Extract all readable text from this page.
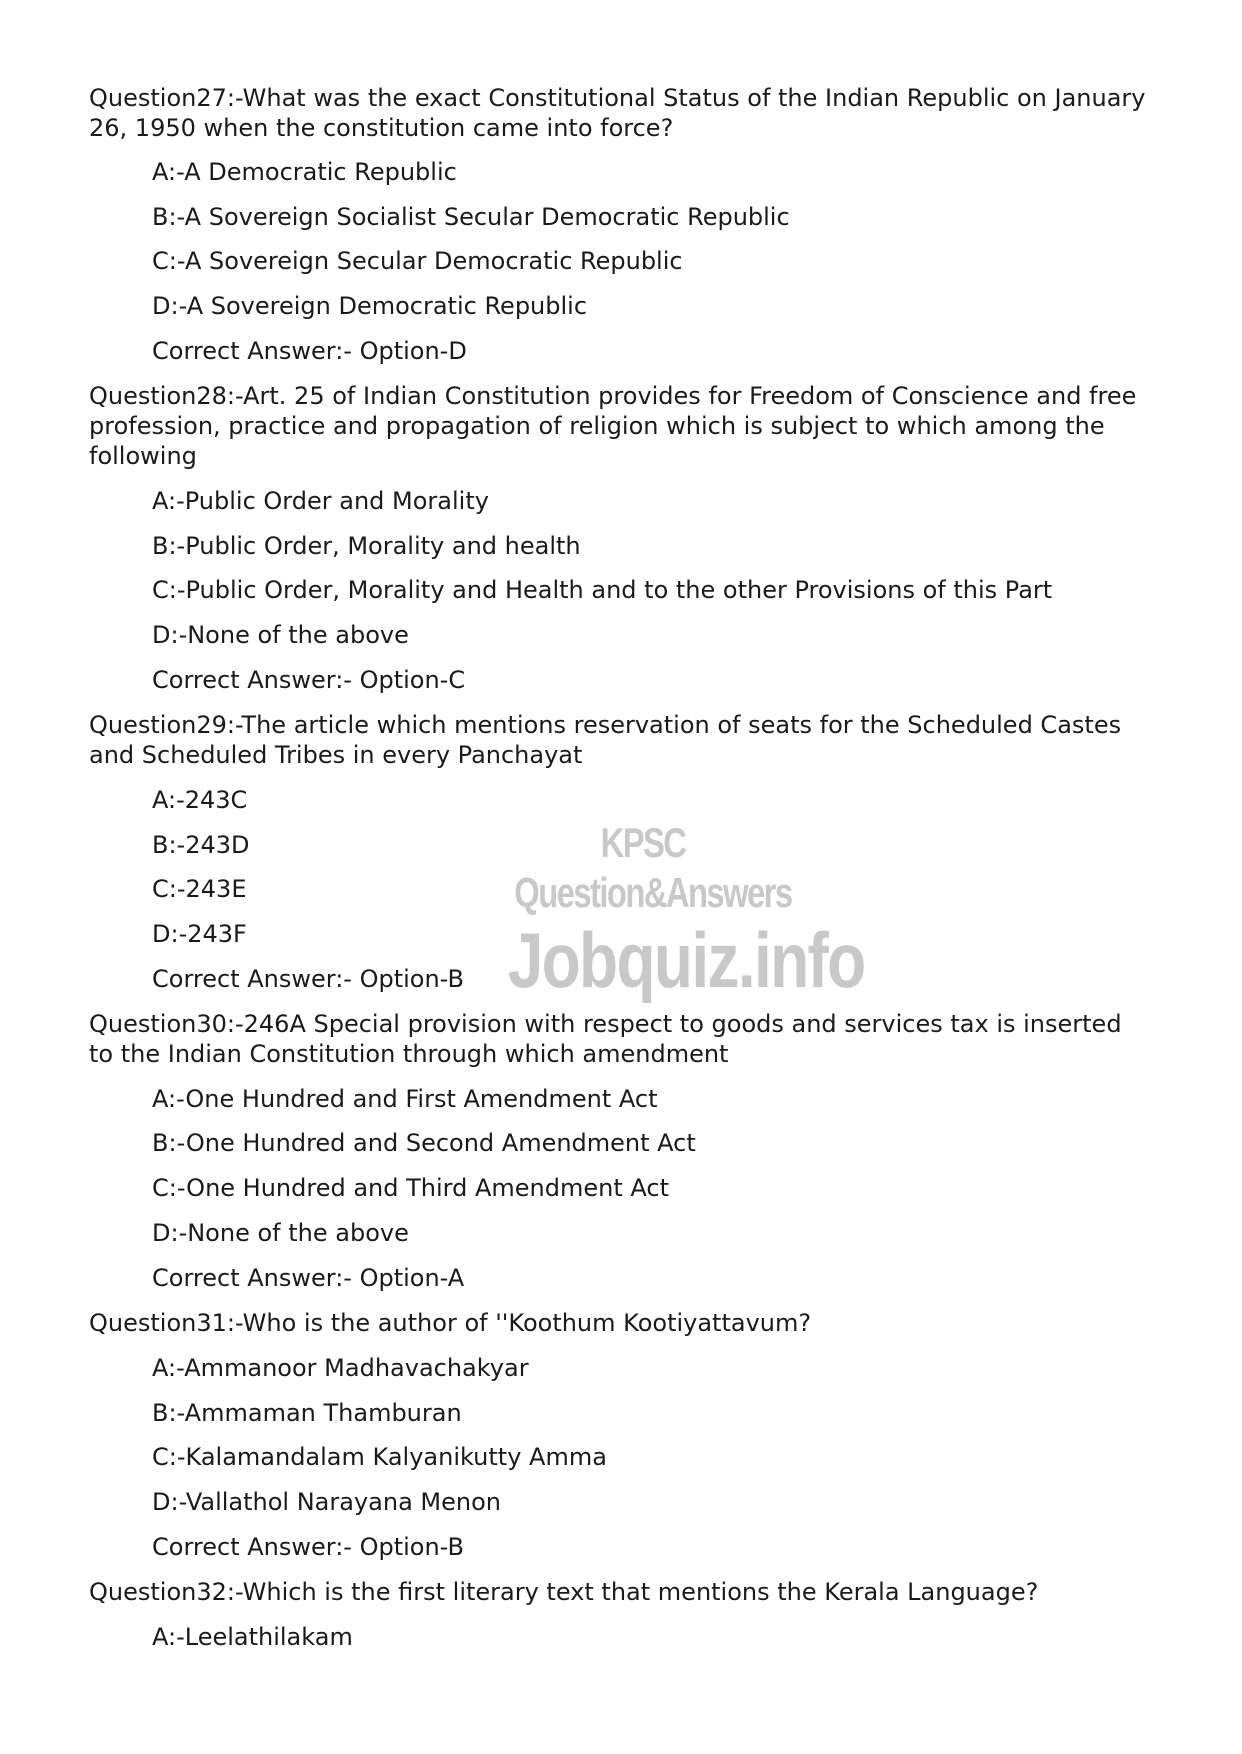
Question27:-What was the exact Constitutional Status of the Indian Republic on January 26, 1950 when the constitution came into force?

A:-A Democratic Republic
B:-A Sovereign Socialist Secular Democratic Republic
C:-A Sovereign Secular Democratic Republic
D:-A Sovereign Democratic Republic
Correct Answer:- Option-D

Question28:-Art. 25 of Indian Constitution provides for Freedom of Conscience and free profession, practice and propagation of religion which is subject to which among the following

A:-Public Order and Morality
B:-Public Order, Morality and health
C:-Public Order, Morality and Health and to the other Provisions of this Part
D:-None of the above
Correct Answer:- Option-C

Question29:-The article which mentions reservation of seats for the Scheduled Castes and Scheduled Tribes in every Panchayat

A:-243C
B:-243D
C:-243E
D:-243F
Correct Answer:- Option-B

Question30:-246A Special provision with respect to goods and services tax is inserted to the Indian Constitution through which amendment

A:-One Hundred and First Amendment Act
B:-One Hundred and Second Amendment Act
C:-One Hundred and Third Amendment Act
D:-None of the above
Correct Answer:- Option-A

Question31:-Who is the author of ''Koothum Kootiyattavum?

A:-Ammanoor Madhavachakyar
B:-Ammaman Thamburan
C:-Kalamandalam Kalyanikutty Amma
D:-Vallathol Narayana Menon
Correct Answer:- Option-B

Question32:-Which is the first literary text that mentions the Kerala Language?

A:-Leelathilakam
KPSC Question&Answers
Jobquiz.info
